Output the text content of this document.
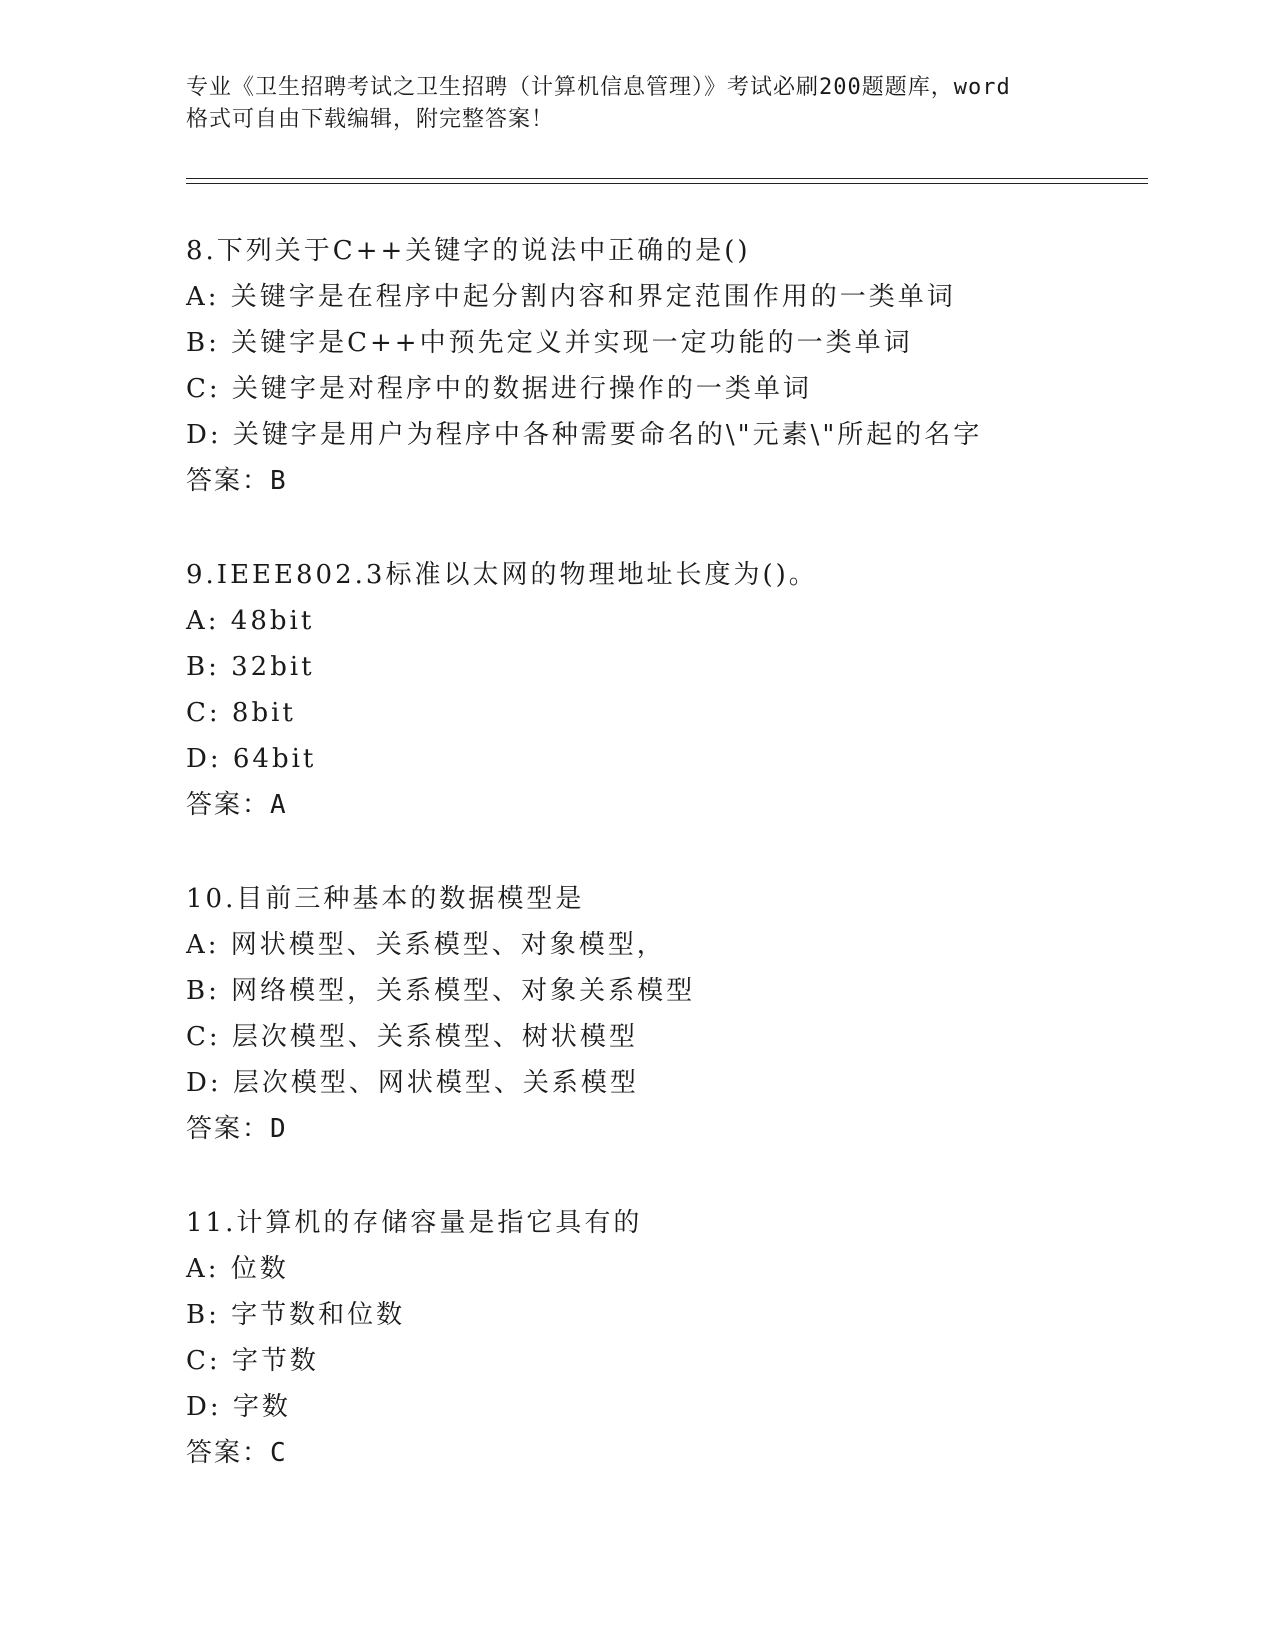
专业《卫生招聘考试之卫生招聘（计算机信息管理）》考试必刷200题题库，word
格式可自由下载编辑，附完整答案！
8.下列关于C++关键字的说法中正确的是()
A: 关键字是在程序中起分割内容和界定范围作用的一类单词
B: 关键字是C++中预先定义并实现一定功能的一类单词
C: 关键字是对程序中的数据进行操作的一类单词
D: 关键字是用户为程序中各种需要命名的\"元素\"所起的名字
答案：B
9.IEEE802.3标准以太网的物理地址长度为()。
A: 48bit
B: 32bit
C: 8bit
D: 64bit
答案：A
10.目前三种基本的数据模型是
A: 网状模型、关系模型、对象模型，
B: 网络模型，关系模型、对象关系模型
C: 层次模型、关系模型、树状模型
D: 层次模型、网状模型、关系模型
答案：D
11.计算机的存储容量是指它具有的
A: 位数
B: 字节数和位数
C: 字节数
D: 字数
答案：C
